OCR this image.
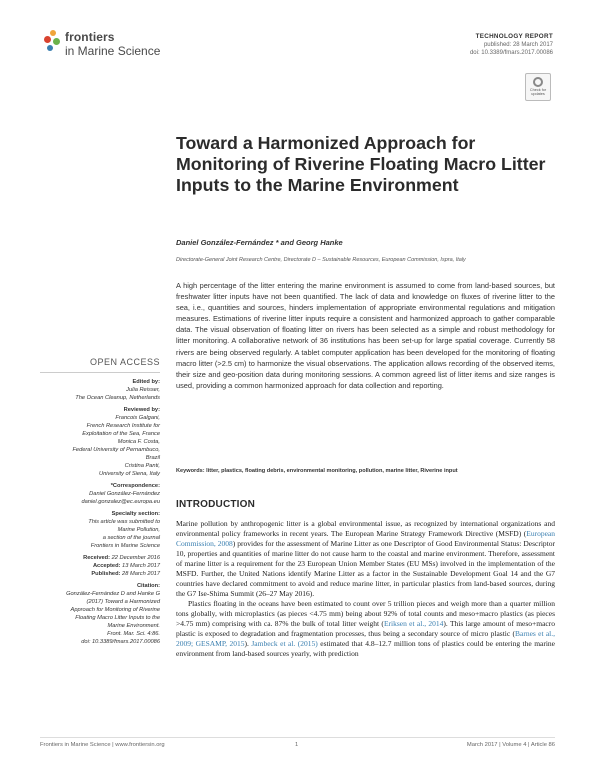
frontiers
in Marine Science
TECHNOLOGY REPORT
published: 28 March 2017
doi: 10.3389/fmars.2017.00086
Check for updates
Toward a Harmonized Approach for Monitoring of Riverine Floating Macro Litter Inputs to the Marine Environment
Daniel González-Fernández * and Georg Hanke
Directorate-General Joint Research Centre, Directorate D – Sustainable Resources, European Commission, Ispra, Italy
A high percentage of the litter entering the marine environment is assumed to come from land-based sources, but freshwater litter inputs have not been quantified. The lack of data and knowledge on fluxes of riverine litter to the sea, i.e., quantities and sources, hinders implementation of appropriate environmental regulations and mitigation measures. Estimations of riverine litter inputs require a consistent and harmonized approach to gather comparable data. The visual observation of floating litter on rivers has been selected as a simple and robust methodology for litter monitoring. A collaborative network of 36 institutions has been set-up for large spatial coverage. Currently 58 rivers are being observed regularly. A tablet computer application has been developed for the monitoring of floating macro litter (>2.5 cm) to harmonize the visual observations. The application allows recording of the observed items, their size and geo-position data during monitoring sessions. A common agreed list of litter items and size ranges is used, providing a common harmonized approach for data collection and reporting.
Keywords: litter, plastics, floating debris, environmental monitoring, pollution, marine litter, Riverine input
INTRODUCTION

Marine pollution by anthropogenic litter is a global environmental issue, as recognized by international organizations and environmental policy frameworks in recent years. The European Marine Strategy Framework Directive (MSFD) (European Commission, 2008) provides for the assessment of Marine Litter as one Descriptor of Good Environmental Status: Descriptor 10, properties and quantities of marine litter do not cause harm to the coastal and marine environment. Therefore, assessment of marine litter is a requirement for the 23 European Union Member States (EU MSs) involved in the implementation of the MSFD. Further, the United Nations identify Marine Litter as a factor in the Sustainable Development Goal 14 and the G7 countries have declared commitment to avoid and reduce marine litter, in particular plastics from land-based sources, during the G7 Ise-Shima Summit (26–27 May 2016).

Plastics floating in the oceans have been estimated to count over 5 trillion pieces and weigh more than a quarter million tons globally, with microplastics (as pieces <4.75 mm) being about 92% of total counts and meso+macro plastics (as pieces >4.75 mm) comprising with ca. 87% the bulk of total litter weight (Eriksen et al., 2014). This large amount of meso+macro plastic is exposed to degradation and fragmentation processes, thus being a secondary source of micro plastic (Barnes et al., 2009; GESAMP, 2015). Jambeck et al. (2015) estimated that 4.8–12.7 million tons of plastics could be entering the marine environment from land-based sources yearly, with prediction

OPEN ACCESS
Edited by:
Julia Reisser,
The Ocean Cleanup, Netherlands
Reviewed by:
Francois Galgani,
French Research Institute for
Exploitation of the Sea, France
Monica F. Costa,
Federal University of Pernambuco,
Brazil
Cristina Panti,
University of Siena, Italy
*Correspondence:
Daniel González-Fernández
daniel.gonzalez@ec.europa.eu
Specialty section:
This article was submitted to
Marine Pollution,
a section of the journal
Frontiers in Marine Science
Received: 22 December 2016
Accepted: 13 March 2017
Published: 28 March 2017
Citation:
González-Fernández D and Hanke G
(2017) Toward a Harmonized
Approach for Monitoring of Riverine
Floating Macro Litter Inputs to the
Marine Environment.
Front. Mar. Sci. 4:86.
doi: 10.3389/fmars.2017.00086
Frontiers in Marine Science | www.frontiersin.org	1	March 2017 | Volume 4 | Article 86
